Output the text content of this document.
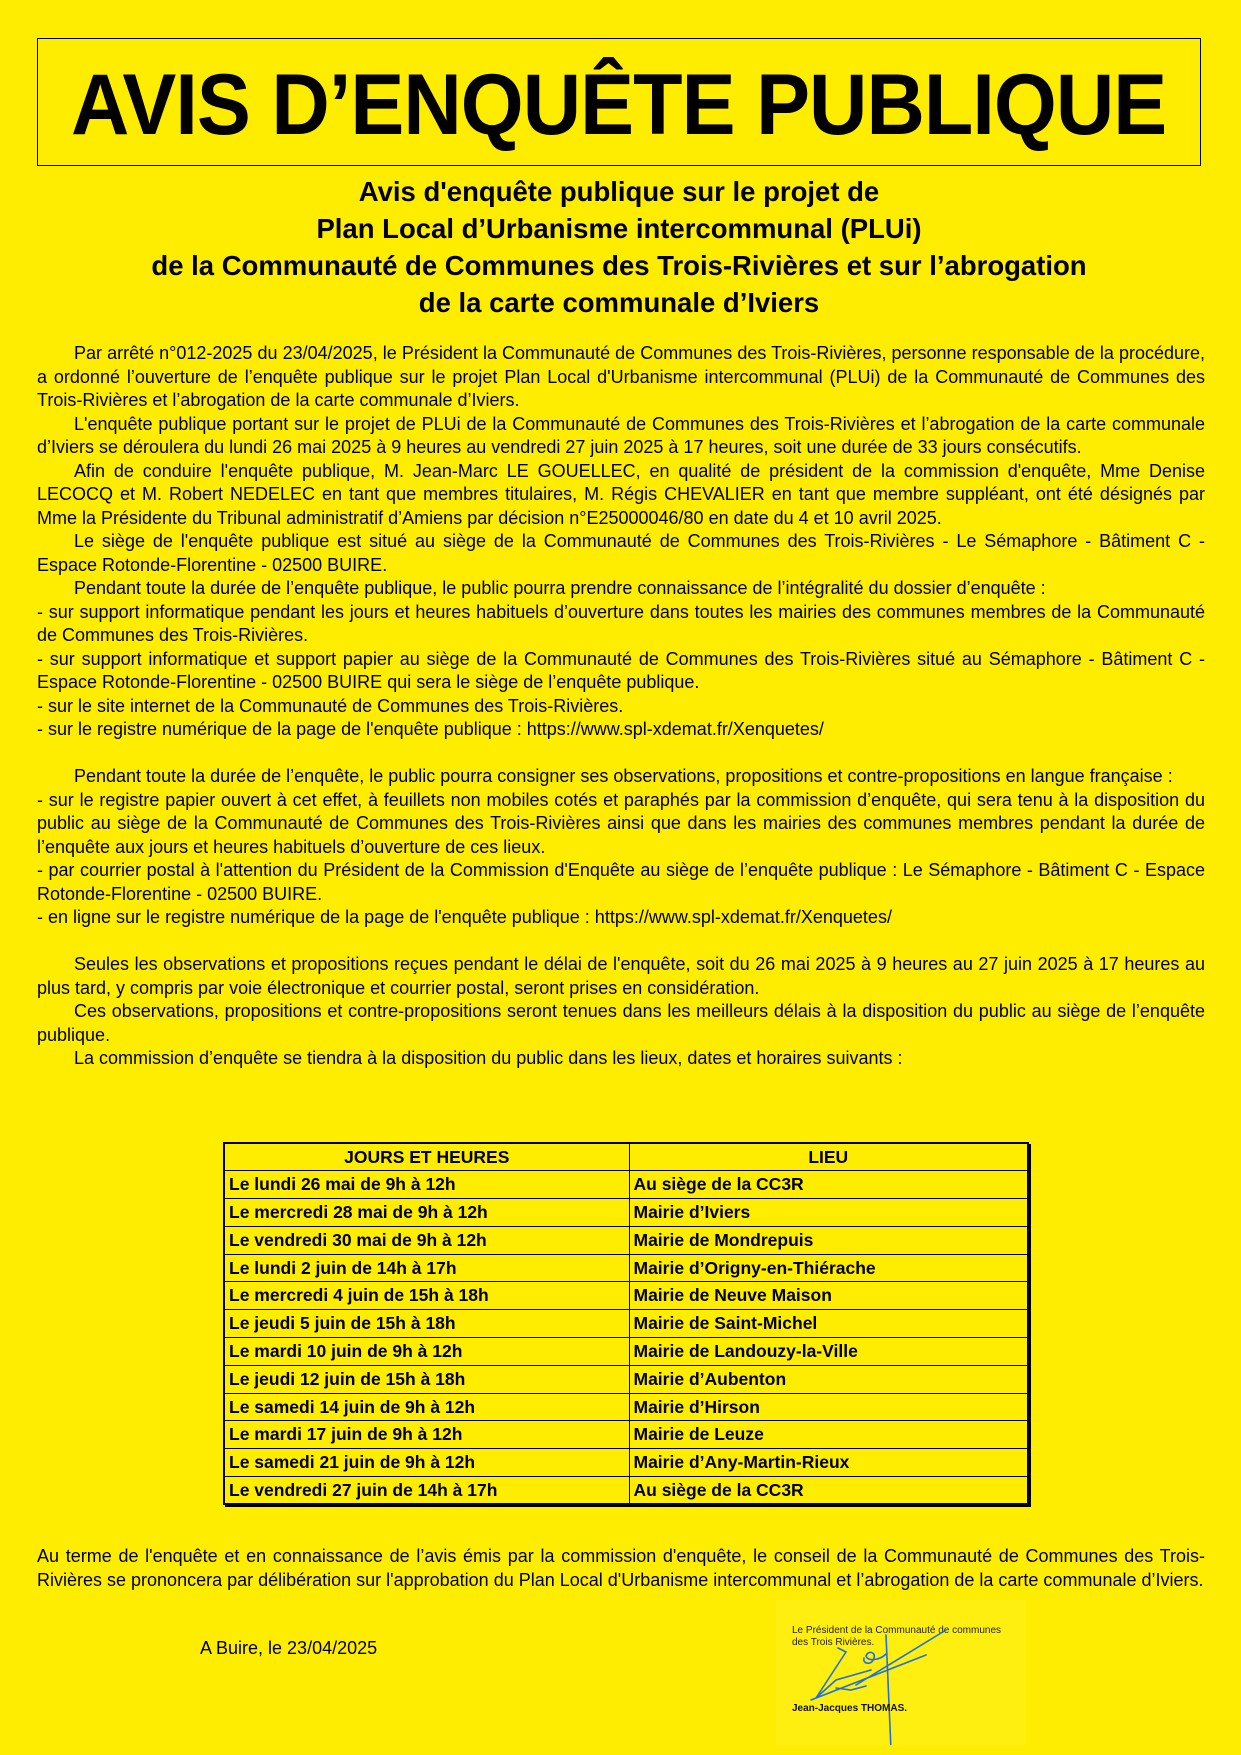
AVIS D’ENQUÊTE PUBLIQUE
Avis d'enquête publique sur le projet de
Plan Local d’Urbanisme intercommunal (PLUi)
de la Communauté de Communes des Trois-Rivières et sur l’abrogation
de la carte communale d’Iviers

Par arrêté n°012-2025 du 23/04/2025, le Président la Communauté de Communes des Trois-Rivières, personne responsable de la procédure, a ordonné l’ouverture de l’enquête publique sur le projet Plan Local d'Urbanisme intercommunal (PLUi) de la Communauté de Communes des Trois-Rivières et l’abrogation de la carte communale d’Iviers.

L'enquête publique portant sur le projet de PLUi de la Communauté de Communes des Trois-Rivières et l’abrogation de la carte communale d’Iviers se déroulera du lundi 26 mai 2025 à 9 heures au vendredi 27 juin 2025 à 17 heures, soit une durée de 33 jours consécutifs.

Afin de conduire l'enquête publique, M. Jean-Marc LE GOUELLEC, en qualité de président de la commission d'enquête, Mme Denise LECOCQ et M. Robert NEDELEC en tant que membres titulaires, M. Régis CHEVALIER en tant que membre suppléant, ont été désignés par Mme la Présidente du Tribunal administratif d’Amiens par décision n°E25000046/80 en date du 4 et 10 avril 2025.

Le siège de l'enquête publique est situé au siège de la Communauté de Communes des Trois-Rivières - Le Sémaphore - Bâtiment C - Espace Rotonde-Florentine - 02500 BUIRE.

Pendant toute la durée de l’enquête publique, le public pourra prendre connaissance de l’intégralité du dossier d’enquête :

- sur support informatique pendant les jours et heures habituels d’ouverture dans toutes les mairies des communes membres de la Communauté de Communes des Trois-Rivières.

- sur support informatique et support papier au siège de la Communauté de Communes des Trois-Rivières situé au Sémaphore - Bâtiment C - Espace Rotonde-Florentine - 02500 BUIRE qui sera le siège de l’enquête publique.

- sur le site internet de la Communauté de Communes des Trois-Rivières.

- sur le registre numérique de la page de l'enquête publique : https://www.spl-xdemat.fr/Xenquetes/

Pendant toute la durée de l’enquête, le public pourra consigner ses observations, propositions et contre-propositions en langue française :

- sur le registre papier ouvert à cet effet, à feuillets non mobiles cotés et paraphés par la commission d’enquête, qui sera tenu à la disposition du public au siège de la Communauté de Communes des Trois-Rivières ainsi que dans les mairies des communes membres pendant la durée de l’enquête aux jours et heures habituels d’ouverture de ces lieux.

- par courrier postal à l'attention du Président de la Commission d'Enquête au siège de l’enquête publique : Le Sémaphore - Bâtiment C - Espace Rotonde-Florentine - 02500 BUIRE.

- en ligne sur le registre numérique de la page de l'enquête publique : https://www.spl-xdemat.fr/Xenquetes/

Seules les observations et propositions reçues pendant le délai de l'enquête, soit du 26 mai 2025 à 9 heures au 27 juin 2025 à 17 heures au plus tard, y compris par voie électronique et courrier postal, seront prises en considération.

Ces observations, propositions et contre-propositions seront tenues dans les meilleurs délais à la disposition du public au siège de l’enquête publique.

La commission d’enquête se tiendra à la disposition du public dans les lieux, dates et horaires suivants :

JOURS ET HEURES	LIEU
Le lundi 26 mai de 9h à 12h	Au siège de la CC3R
Le mercredi 28 mai de 9h à 12h	Mairie d’Iviers
Le vendredi 30 mai de 9h à 12h	Mairie de Mondrepuis
Le lundi 2 juin de 14h à 17h	Mairie d’Origny-en-Thiérache
Le mercredi 4 juin de 15h à 18h	Mairie de Neuve Maison
Le jeudi 5 juin de 15h à 18h	Mairie de Saint-Michel
Le mardi 10 juin de 9h à 12h	Mairie de Landouzy-la-Ville
Le jeudi 12 juin de 15h à 18h	Mairie d’Aubenton
Le samedi 14 juin de 9h à 12h	Mairie d’Hirson
Le mardi 17 juin de 9h à 12h	Mairie de Leuze
Le samedi 21 juin de 9h à 12h	Mairie d’Any-Martin-Rieux
Le vendredi 27 juin de 14h à 17h	Au siège de la CC3R
Au terme de l'enquête et en connaissance de l’avis émis par la commission d'enquête, le conseil de la Communauté de Communes des Trois-Rivières se prononcera par délibération sur l'approbation du Plan Local d'Urbanisme intercommunal et l’abrogation de la carte communale d’Iviers.
A Buire, le 23/04/2025
Le Président de la Communauté de communes
des Trois Rivières.
Jean-Jacques THOMAS.
